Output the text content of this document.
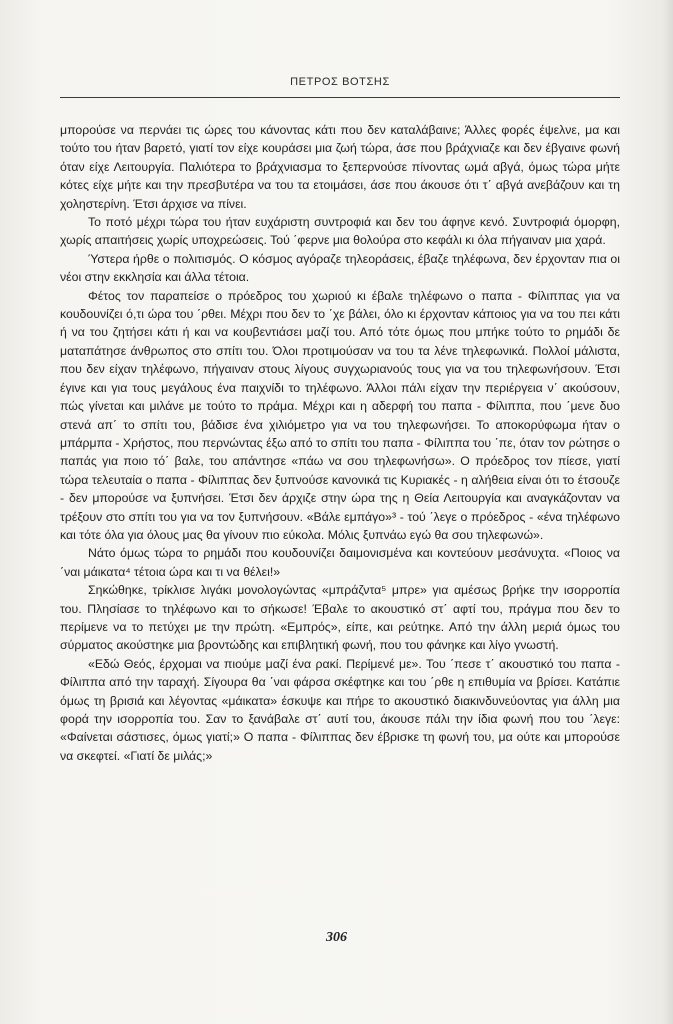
ΠΕΤΡΟΣ ΒΟΤΣΗΣ

μπορούσε να περνάει τις ώρες του κάνοντας κάτι που δεν καταλάβαινε; Άλλες φορές έψελνε, μα και τούτο του ήταν βαρετό, γιατί τον είχε κουράσει μια ζωή τώρα, άσε που βράχνιαζε και δεν έβγαινε φωνή όταν είχε Λειτουργία. Παλιότερα το βράχνιασμα το ξεπερνούσε πίνοντας ωμά αβγά, όμως τώρα μήτε κότες είχε μήτε και την πρεσβυτέρα να του τα ετοιμάσει, άσε που άκουσε ότι τ΄ αβγά ανεβάζουν και τη χοληστερίνη. Έτσι άρχισε να πίνει.

Το ποτό μέχρι τώρα του ήταν ευχάριστη συντροφιά και δεν του άφηνε κενό. Συντροφιά όμορφη, χωρίς απαιτήσεις χωρίς υποχρεώσεις. Τού ΄φερνε μια θολούρα στο κεφάλι κι όλα πήγαιναν μια χαρά.

Ύστερα ήρθε ο πολιτισμός. Ο κόσμος αγόραζε τηλεοράσεις, έβαζε τηλέφωνα, δεν έρχονταν πια οι νέοι στην εκκλησία και άλλα τέτοια.

Φέτος τον παραπείσε ο πρόεδρος του χωριού κι έβαλε τηλέφωνο ο παπα - Φίλιππας για να κουδουνίζει ό,τι ώρα του ΄ρθει. Μέχρι που δεν το ΄χε βάλει, όλο κι έρχονταν κάποιος για να του πει κάτι ή να του ζητήσει κάτι ή και να κουβεντιάσει μαζί του. Από τότε όμως που μπήκε τούτο το ρημάδι δε ματαπάτησε άνθρωπος στο σπίτι του. Όλοι προτιμούσαν να του τα λένε τηλεφωνικά. Πολλοί μάλιστα, που δεν είχαν τηλέφωνο, πήγαιναν στους λίγους συγχωριανούς τους για να του τηλεφωνήσουν. Έτσι έγινε και για τους μεγάλους ένα παιχνίδι το τηλέφωνο. Άλλοι πάλι είχαν την περιέργεια ν΄ ακούσουν, πώς γίνεται και μιλάνε με τούτο το πράμα. Μέχρι και η αδερφή του παπα - Φίλιππα, που ΄μενε δυο στενά απ΄ το σπίτι του, βάδισε ένα χιλιόμετρο για να του τηλεφωνήσει. Το αποκορύφωμα ήταν ο μπάρμπα - Χρήστος, που περνώντας έξω από το σπίτι του παπα - Φίλιππα του ΄πε, όταν τον ρώτησε ο παπάς για ποιο τό΄ βαλε, του απάντησε «πάω να σου τηλεφωνήσω». Ο πρόεδρος τον πίεσε, γιατί τώρα τελευταία ο παπα - Φίλιππας δεν ξυπνούσε κανονικά τις Κυριακές - η αλήθεια είναι ότι το έτσουζε - δεν μπορούσε να ξυπνήσει. Έτσι δεν άρχιζε στην ώρα της η Θεία Λειτουργία και αναγκάζονταν να τρέξουν στο σπίτι του για να τον ξυπνήσουν. «Βάλε εμπάγο»³ - τού ΄λεγε ο πρόεδρος - «ένα τηλέφωνο και τότε όλα για όλους μας θα γίνουν πιο εύκολα. Μόλις ξυπνάω εγώ θα σου τηλεφωνώ».

Νάτο όμως τώρα το ρημάδι που κουδουνίζει δαιμονισμένα και κοντεύουν μεσάνυχτα. «Ποιος να ΄ναι μάικατα⁴ τέτοια ώρα και τι να θέλει!»

Σηκώθηκε, τρίκλισε λιγάκι μονολογώντας «μπράζντα⁵ μπρε» για αμέσως βρήκε την ισορροπία του. Πλησίασε το τηλέφωνο και το σήκωσε! Έβαλε το ακουστικό στ΄ αφτί του, πράγμα που δεν το περίμενε να το πετύχει με την πρώτη. «Εμπρός», είπε, και ρεύτηκε. Από την άλλη μεριά όμως του σύρματος ακούστηκε μια βροντώδης και επιβλητική φωνή, που του φάνηκε και λίγο γνωστή.

«Εδώ Θεός, έρχομαι να πιούμε μαζί ένα ρακί. Περίμενέ με». Του ΄πεσε τ΄ ακουστικό του παπα - Φίλιππα από την ταραχή. Σίγουρα θα ΄ναι φάρσα σκέφτηκε και του ΄ρθε η επιθυμία να βρίσει. Κατάπιε όμως τη βρισιά και λέγοντας «μάικατα» έσκυψε και πήρε το ακουστικό διακινδυνεύοντας για άλλη μια φορά την ισορροπία του. Σαν το ξανάβαλε στ΄ αυτί του, άκουσε πάλι την ίδια φωνή που του ΄λεγε: «Φαίνεται σάστισες, όμως γιατί;» Ο παπα - Φίλιππας δεν έβρισκε τη φωνή του, μα ούτε και μπορούσε να σκεφτεί. «Γιατί δε μιλάς;»

306
